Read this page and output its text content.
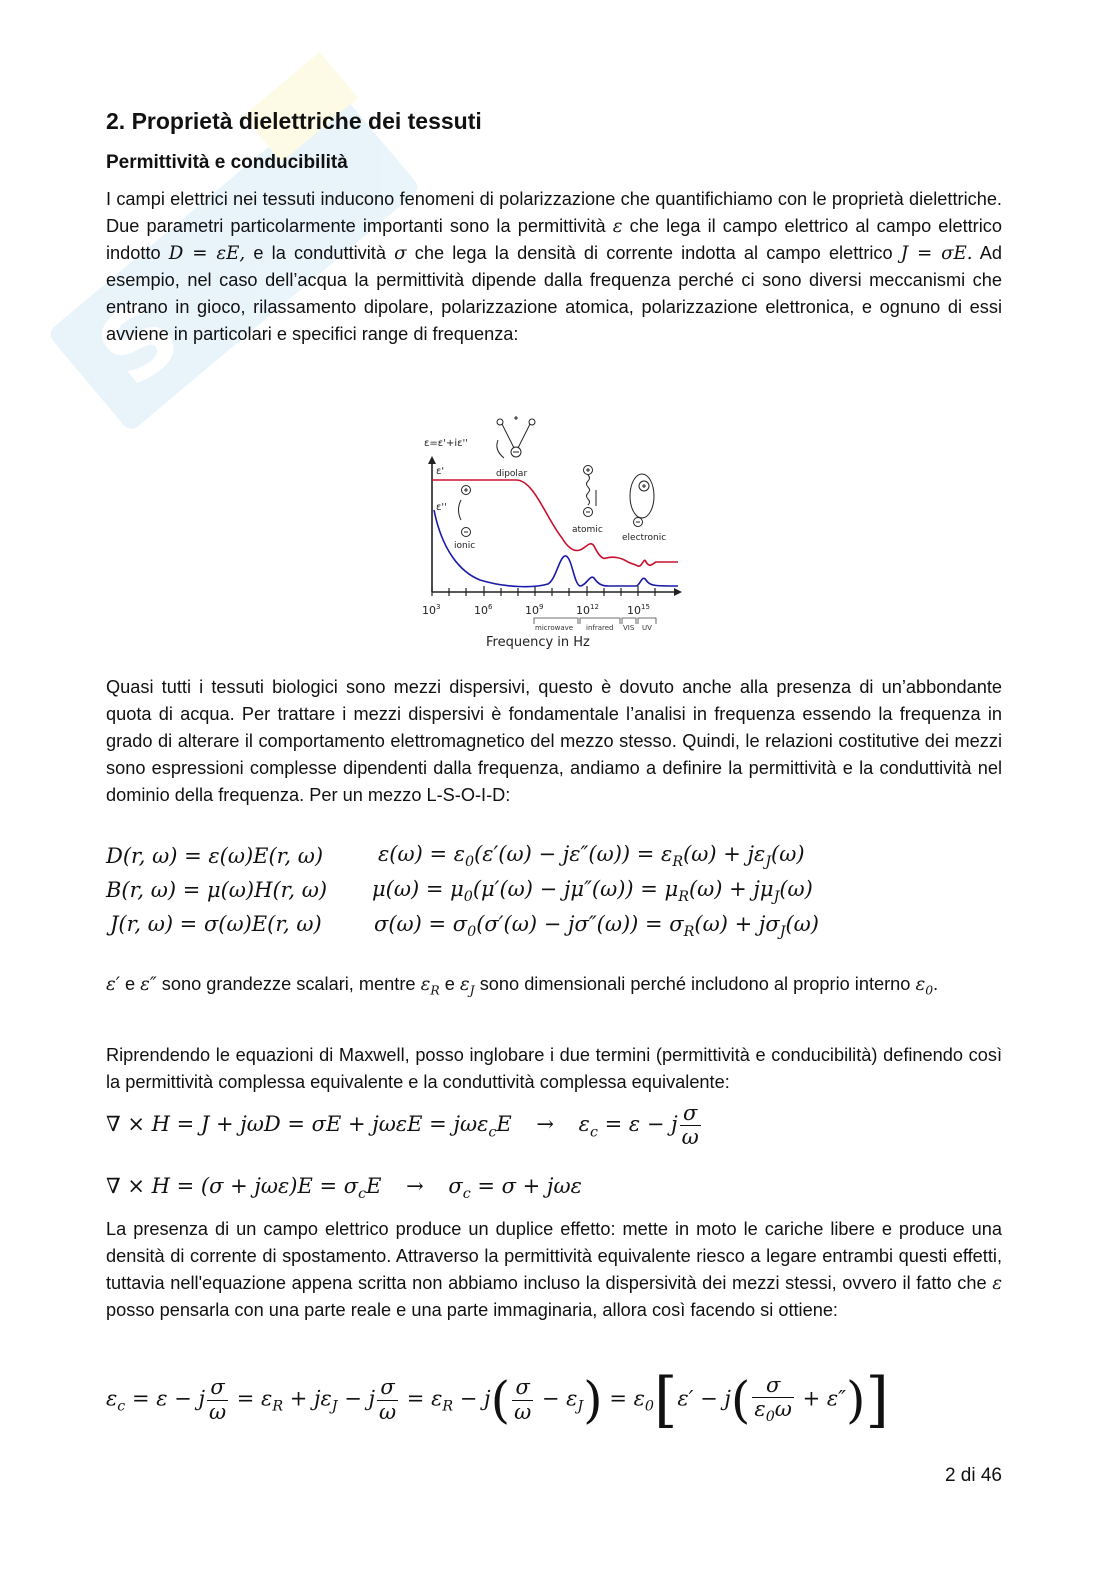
S
2. Proprietà dielettriche dei tessuti
Permittività e conducibilità

I campi elettrici nei tessuti inducono fenomeni di polarizzazione che quantifichiamo con le proprietà dielettriche. Due parametri particolarmente importanti sono la permittività ε che lega il campo elettrico al campo elettrico indotto D = εE, e la conduttività σ che lega la densità di corrente indotta al campo elettrico J = σE. Ad esempio, nel caso dell’acqua la permittività dipende dalla frequenza perché ci sono diversi meccanismi che entrano in gioco, rilassamento dipolare, polarizzazione atomica, polarizzazione elettronica, e ognuno di essi avviene in particolari e specifici range di frequenza:

Quasi tutti i tessuti biologici sono mezzi dispersivi, questo è dovuto anche alla presenza di un’abbondante quota di acqua. Per trattare i mezzi dispersivi è fondamentale l’analisi in frequenza essendo la frequenza in grado di alterare il comportamento elettromagnetico del mezzo stesso. Quindi, le relazioni costitutive dei mezzi sono espressioni complesse dipendenti dalla frequenza, andiamo a definire la permittività e la conduttività nel dominio della frequenza. Per un mezzo L-S-O-I-D:

D(r, ω) = ε(ω)E(r, ω)
B(r, ω) = μ(ω)H(r, ω)
J(r, ω) = σ(ω)E(r, ω)
$\varepsilon(\omega) = \varepsilon_0(\varepsilon'(\omega) - j\varepsilon''(\omega)) = \varepsilon_R(\omega) + j\varepsilon_J(\omega)$
$\mu(\omega) = \mu_0(\mu'(\omega) - j\mu''(\omega)) = \mu_R(\omega) + j\mu_J(\omega)$
$\sigma(\omega) = \sigma_0(\sigma'(\omega) - j\sigma''(\omega)) = \sigma_R(\omega) + j\sigma_J(\omega)$

ε′ e ε″ sono grandezze scalari, mentre $\varepsilon_R$ e $\varepsilon_J$ sono dimensionali perché includono al proprio interno $\varepsilon_0$.

Riprendendo le equazioni di Maxwell, posso inglobare i due termini (permittività e conducibilità) definendo così la permittività complessa equivalente e la conduttività complessa equivalente:

∇ × $H = J + j\omega D = \sigma E + j\omega\varepsilon E = j\omega\varepsilon_cE \to \varepsilon_c = \varepsilon - j \frac{\sigma}{\omega}$
∇ × $H = (\sigma + j\omega\varepsilon)E = \sigma_cE \to \sigma_c = \sigma + j\omega\varepsilon$

La presenza di un campo elettrico produce un duplice effetto: mette in moto le cariche libere e produce una densità di corrente di spostamento. Attraverso la permittività equivalente riesco a legare entrambi questi effetti, tuttavia nell'equazione appena scritta non abbiamo incluso la dispersività dei mezzi stessi, ovvero il fatto che ε posso pensarla con una parte reale e una parte immaginaria, allora così facendo si ottiene:

$\varepsilon_c = \varepsilon - j \frac{\sigma}{\omega} = \varepsilon_R + j\varepsilon_J - j \frac{\sigma}{\omega} = \varepsilon_R - j( \frac{\sigma}{\omega} - \varepsilon_J) = \varepsilon_0[\varepsilon' - j( \frac{\sigma}{\varepsilon_0\omega} + \varepsilon'')]$
ε=ε'+iε''
ε'
ε''
ionic
dipolar
atomic
electronic
$10^3$	$10^6$	$10^9$	$10^{12}$	$10^{15}$
microwave infrared VIS UV
Frequency in Hz
2 di 46
